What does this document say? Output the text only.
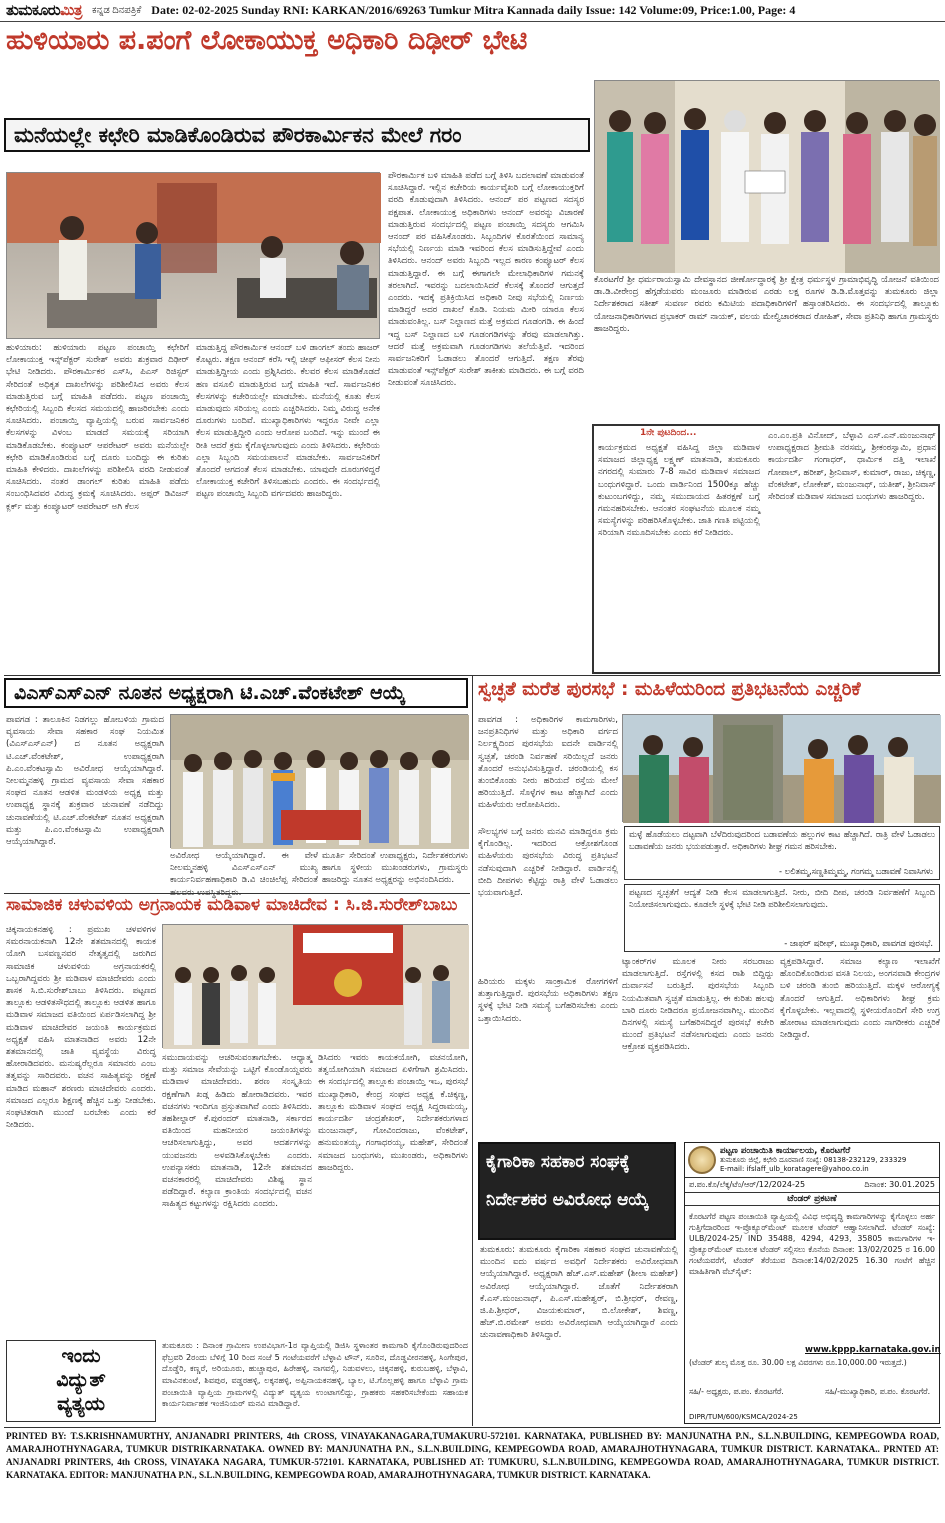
ತುಮಕೂರುಮಿತ್ರ ಕನ್ನಡ ದಿನಪತ್ರಿಕೆ Date: 02-02-2025 Sunday RNI: KARKAN/2016/69263 Tumkur Mitra Kannada daily Issue: 142 Volume:09, Price:1.00, Page: 4
ಹುಳಿಯಾರು ಪ.ಪಂಗೆ ಲೋಕಾಯುಕ್ತ ಅಧಿಕಾರಿ ದಿಢೀರ್ ಭೇಟಿ
ಮನೆಯಲ್ಲೇ ಕಛೇರಿ ಮಾಡಿಕೊಂಡಿರುವ ಪೌರಕಾರ್ಮಿಕನ ಮೇಲೆ ಗರಂ
ಹುಳಿಯಾರು: ಹುಳಿಯಾರು ಪಟ್ಟಣ ಪಂಚಾಯ್ತಿ ಕಛೇರಿಗೆ ಲೋಕಾಯುಕ್ತ ಇನ್ಸ್‌ಪೆಕ್ಟರ್ ಸುರೇಶ್ ಅವರು ಶುಕ್ರವಾರ ದಿಢೀರ್ ಭೇಟಿ ನೀಡಿದರು. ಪೌರಕಾರ್ಮಿಕರ ಎಸ್‌ಸಿ, ಪಿಎಸ್ ರಿಜಿಸ್ಟರ್ ಸೇರಿದಂತೆ ಅಧಿಕೃತ ದಾಖಲೆಗಳನ್ನು ಪರಿಶೀಲಿಸಿದ ಅವರು ಕೆಲಸ ಮಾಡುತ್ತಿರುವ ಬಗ್ಗೆ ಮಾಹಿತಿ ಪಡೆದರು. ಪಟ್ಟಣ ಪಂಚಾಯ್ತಿ ಕಛೇರಿಯಲ್ಲಿ ಸಿಬ್ಬಂದಿ ಕೆಲಸದ ಸಮಯದಲ್ಲಿ ಹಾಜರಿರಬೇಕು ಎಂದು ಸೂಚಿಸಿದರು. ಪಂಚಾಯ್ತಿ ವ್ಯಾಪ್ತಿಯಲ್ಲಿ ಬರುವ ಸಾರ್ವಜನಿಕರ ಕೆಲಸಗಳನ್ನು ವಿಳಂಬ ಮಾಡದೆ ಸಮಯಕ್ಕೆ ಸರಿಯಾಗಿ ಮಾಡಿಕೊಡಬೇಕು. ಕಂಪ್ಯೂಟರ್ ಆಪರೇಟರ್ ಅವರು ಮನೆಯಲ್ಲೇ ಕಛೇರಿ ಮಾಡಿಕೊಂಡಿರುವ ಬಗ್ಗೆ ದೂರು ಬಂದಿದ್ದು ಈ ಕುರಿತು ಮಾಹಿತಿ ಕೇಳಿದರು. ದಾಖಲೆಗಳನ್ನು ಪರಿಶೀಲಿಸಿ ವರದಿ ನೀಡುವಂತೆ ಸೂಚಿಸಿದರು. ನಂತರ ಡಾಂಗಲ್ ಕುರಿತು ಮಾಹಿತಿ ಪಡೆದು ಸಂಬಂಧಿಸಿದವರ ವಿರುದ್ಧ ಕ್ರಮಕ್ಕೆ ಸೂಚಿಸಿದರು. ಅಪ್ಪರ್ ಡಿವಿಜನ್ ಕ್ಲರ್ಕ್ ಮತ್ತು ಕಂಪ್ಯೂಟರ್ ಆಪರೇಟರ್ ಅಗಿ ಕೆಲಸ
ಮಾಡುತ್ತಿದ್ದ ಪೌರಕಾರ್ಮಿಕ ಆನಂದ್ ಬಳಿ ಡಾಂಗಲ್ ತಂದು ಹಾಜರ್ ಕೊಟ್ಟರು. ತಕ್ಷಣ ಆನಂದ್ ಕರೆಸಿ ಇಲ್ಲಿ ಚೀಫ್ ಆಫೀಸರ್ ಕೆಲಸ ನೀನು ಮಾಡುತ್ತಿದ್ದೀಯ ಎಂದು ಪ್ರಶ್ನಿಸಿದರು. ಕೆಲವರ ಕೆಲಸ ಮಾಡಿಕೊಡದೆ ಹಣ ವಸೂಲಿ ಮಾಡುತ್ತಿರುವ ಬಗ್ಗೆ ಮಾಹಿತಿ ಇದೆ. ಸಾರ್ವಜನಿಕರ ಕೆಲಸಗಳನ್ನು ಕಚೇರಿಯಲ್ಲೇ ಮಾಡಬೇಕು. ಮನೆಯಲ್ಲಿ ಕೂತು ಕೆಲಸ ಮಾಡುವುದು ಸರಿಯಲ್ಲ ಎಂದು ಎಚ್ಚರಿಸಿದರು. ನಿಮ್ಮ ವಿರುದ್ಧ ಅನೇಕ ದೂರುಗಳು ಬಂದಿವೆ. ಮುಖ್ಯಾಧಿಕಾರಿಗಳು ಇದ್ದರೂ ನೀವೇ ಎಲ್ಲಾ ಕೆಲಸ ಮಾಡುತ್ತಿದ್ದೀರಿ ಎಂದು ಆರೋಪ ಬಂದಿದೆ. ಇನ್ನು ಮುಂದೆ ಈ ರೀತಿ ಆದರೆ ಕ್ರಮ ಕೈಗೊಳ್ಳಲಾಗುವುದು ಎಂದು ತಿಳಿಸಿದರು. ಕಛೇರಿಯ ಎಲ್ಲಾ ಸಿಬ್ಬಂದಿ ಸಮಯಪಾಲನೆ ಮಾಡಬೇಕು. ಸಾರ್ವಜನಿಕರಿಗೆ ತೊಂದರೆ ಆಗದಂತೆ ಕೆಲಸ ಮಾಡಬೇಕು. ಯಾವುದೇ ದೂರುಗಳಿದ್ದರೆ ಲೋಕಾಯುಕ್ತ ಕಚೇರಿಗೆ ತಿಳಿಸಬಹುದು ಎಂದರು. ಈ ಸಂದರ್ಭದಲ್ಲಿ ಪಟ್ಟಣ ಪಂಚಾಯ್ತಿ ಸಿಬ್ಬಂದಿ ವರ್ಗದವರು ಹಾಜರಿದ್ದರು.
ಪೌರಕಾರ್ಮಿಕ ಬಳಿ ಮಾಹಿತಿ ಪಡೆದ ಬಗ್ಗೆ ತಿಳಿಸಿ ಬದಲಾವಣೆ ಮಾಡುವಂತೆ ಸೂಚಿಸಿದ್ದಾರೆ. ಇಲ್ಲಿನ ಕಚೇರಿಯ ಕಾರ್ಯವೈಖರಿ ಬಗ್ಗೆ ಲೋಕಾಯುಕ್ತರಿಗೆ ವರದಿ ಕೊಡುವುದಾಗಿ ತಿಳಿಸಿದರು. ಆನಂದ್ ಪರ ಪಟ್ಟಣದ ಸದಸ್ಯರ ಪಕ್ಷಪಾತ. ಲೋಕಾಯುಕ್ತ ಅಧಿಕಾರಿಗಳು ಆನಂದ್ ಅವರನ್ನು ವಿಚಾರಣೆ ಮಾಡುತ್ತಿರುವ ಸಂದರ್ಭದಲ್ಲಿ ಪಟ್ಟಣ ಪಂಚಾಯ್ತಿ ಸದಸ್ಯರು ಆಗಮಿಸಿ ಆನಂದ್ ಪರ ವಹಿಸಿಕೊಂಡರು. ಸಿಬ್ಬಂದಿಗಳ ಕೊರತೆಯಿಂದ ಸಾಮಾನ್ಯ ಸಭೆಯಲ್ಲಿ ನಿರ್ಣಯ ಮಾಡಿ ಇವರಿಂದ ಕೆಲಸ ಮಾಡಿಸುತ್ತಿದ್ದೇವೆ ಎಂದು ತಿಳಿಸಿದರು. ಆನಂದ್ ಅವರು ಸಿಬ್ಬಂದಿ ಇಲ್ಲದ ಕಾರಣ ಕಂಪ್ಯೂಟರ್ ಕೆಲಸ ಮಾಡುತ್ತಿದ್ದಾರೆ. ಈ ಬಗ್ಗೆ ಈಗಾಗಲೇ ಮೇಲಾಧಿಕಾರಿಗಳ ಗಮನಕ್ಕೆ ತರಲಾಗಿದೆ. ಇವರನ್ನು ಬದಲಾಯಿಸಿದರೆ ಕೆಲಸಕ್ಕೆ ತೊಂದರೆ ಆಗುತ್ತದೆ ಎಂದರು. ಇದಕ್ಕೆ ಪ್ರತಿಕ್ರಿಯಿಸಿದ ಅಧಿಕಾರಿ ನೀವು ಸಭೆಯಲ್ಲಿ ನಿರ್ಣಯ ಮಾಡಿದ್ದರೆ ಅದರ ದಾಖಲೆ ಕೊಡಿ. ನಿಯಮ ಮೀರಿ ಯಾರೂ ಕೆಲಸ ಮಾಡುವಂತಿಲ್ಲ. ಬಸ್ ನಿಲ್ದಾಣದ ಮತ್ತೆ ಅಕ್ರಮದ ಗೂಡಂಗಡಿ. ಈ ಹಿಂದೆ ಇದ್ದ ಬಸ್ ನಿಲ್ದಾಣದ ಬಳಿ ಗೂಡಂಗಡಿಗಳನ್ನು ತೆರವು ಮಾಡಲಾಗಿತ್ತು. ಆದರೆ ಮತ್ತೆ ಅಕ್ರಮವಾಗಿ ಗೂಡಂಗಡಿಗಳು ತಲೆಯೆತ್ತಿವೆ. ಇದರಿಂದ ಸಾರ್ವಜನಿಕರಿಗೆ ಓಡಾಡಲು ತೊಂದರೆ ಆಗುತ್ತಿದೆ. ತಕ್ಷಣ ತೆರವು ಮಾಡುವಂತೆ ಇನ್ಸ್‌ಪೆಕ್ಟರ್ ಸುರೇಶ್ ತಾಕೀತು ಮಾಡಿದರು. ಈ ಬಗ್ಗೆ ವರದಿ ನೀಡುವಂತೆ ಸೂಚಿಸಿದರು.
ಕೊರಟಗೆರೆ ಶ್ರೀ ಧರ್ಮರಾಯಸ್ವಾಮಿ ದೇವಸ್ಥಾನದ ಜೀರ್ಣೋದ್ಧಾರಕ್ಕೆ ಶ್ರೀ ಕ್ಷೇತ್ರ ಧರ್ಮಸ್ಥಳ ಗ್ರಾಮಾಭಿವೃದ್ಧಿ ಯೋಜನೆ ವತಿಯಿಂದ ಡಾ.ಡಿ.ವೀರೇಂದ್ರ ಹೆಗ್ಗಡೆಯವರು ಮಂಜೂರು ಮಾಡಿರುವ ಎರಡು ಲಕ್ಷ ರೂಗಳ ಡಿ.ಡಿ.ಮೊತ್ತವನ್ನು ತುಮಕೂರು ಜಿಲ್ಲಾ ನಿರ್ದೇಶಕರಾದ ಸತೀಶ್ ಸುವರ್ಣ ರವರು ಕಮಿಟಿಯ ಪದಾಧಿಕಾರಿಗಳಿಗೆ ಹಸ್ತಾಂತರಿಸಿದರು. ಈ ಸಂದರ್ಭದಲ್ಲಿ ತಾಲ್ಲೂಕು ಯೋಜನಾಧಿಕಾರಿಗಳಾದ ಪ್ರಭಾಕರ್ ರಾಮ್ ನಾಯಕ್, ವಲಯ ಮೇಲ್ವಿಚಾರಕರಾದ ರೋಹಿತ್, ಸೇವಾ ಪ್ರತಿನಿಧಿ ಹಾಗೂ ಗ್ರಾಮಸ್ಥರು ಹಾಜರಿದ್ದರು.
1ನೇ ಪುಟದಿಂದ...
ಕಾರ್ಯಕ್ರಮದ ಅಧ್ಯಕ್ಷತೆ ವಹಿಸಿದ್ದ ಜಿಲ್ಲಾ ಮಡಿವಾಳ ಸಮಾಜದ ಜಿಲ್ಲಾಧ್ಯಕ್ಷ ಲಕ್ಷ್ಮಣ್ ಮಾತನಾಡಿ, ತುಮಕೂರು ನಗರದಲ್ಲಿ ಸುಮಾರು 7-8 ಸಾವಿರ ಮಡಿವಾಳ ಸಮಾಜದ ಬಂಧುಗಳಿದ್ದಾರೆ. ಒಂದು ವಾರ್ಡಿನಿಂದ 1500ಕ್ಕೂ ಹೆಚ್ಚು ಕುಟುಂಬಗಳಿದ್ದು, ನಮ್ಮ ಸಮುದಾಯದ ಹಿತರಕ್ಷಣೆ ಬಗ್ಗೆ ಗಮನಹರಿಸಬೇಕು. ಆನಂತರ ಸಂಘಟನೆಯ ಮೂಲಕ ನಮ್ಮ ಸಮಸ್ಯೆಗಳನ್ನು ಪರಿಹರಿಸಿಕೊಳ್ಳಬೇಕು. ಜಾತಿ ಗಣತಿ ಪಟ್ಟಿಯಲ್ಲಿ ಸರಿಯಾಗಿ ನಮೂದಿಸಬೇಕು ಎಂದು ಕರೆ ನೀಡಿದರು.
ಎಂ.ಎಂ.ಪ್ರತಿ ವಿನೋದ್, ಬೆಳ್ಳಾವಿ ಎಸ್.ಎನ್.ಮಂಜುನಾಥ್ ಉಪಾಧ್ಯಕ್ಷರಾದ ಶ್ರೀಮತಿ ನರಸಮ್ಮ, ಶ್ರೀಕಂಠಸ್ವಾಮಿ, ಪ್ರಧಾನ ಕಾರ್ಯದರ್ಶಿ ಗಂಗಾಧರ್, ಧಾರ್ಮಿಕ ದತ್ತಿ ಇಲಾಖೆ ಗೋಪಾಲ್, ಹರೀಶ್, ಶ್ರೀನಿವಾಸ್, ಕುಮಾರ್, ರಾಜು, ಚಿಕ್ಕಣ್ಣ, ವೆಂಕಟೇಶ್, ಲೋಕೇಶ್, ಮಂಜುನಾಥ್, ಯತೀಶ್, ಶ್ರೀನಿವಾಸ್ ಸೇರಿದಂತೆ ಮಡಿವಾಳ ಸಮಾಜದ ಬಂಧುಗಳು ಹಾಜರಿದ್ದರು.
ವಿಎಸ್‌ಎಸ್‌ಎನ್ ನೂತನ ಅಧ್ಯಕ್ಷರಾಗಿ ಟಿ.ಎಚ್.ವೆಂಕಟೇಶ್ ಆಯ್ಕೆ	ಸ್ವಚ್ಛತೆ ಮರೆತ ಪುರಸಭೆ : ಮಹಿಳೆಯರಿಂದ ಪ್ರತಿಭಟನೆಯ ಎಚ್ಚರಿಕೆ
ಪಾವಗಡ : ತಾಲೂಕಿನ ನಿಡಗಲ್ಲು ಹೋಬಳಿಯ ಗ್ರಾಮದ ವ್ಯವಸಾಯ ಸೇವಾ ಸಹಕಾರ ಸಂಘ ನಿಯಮಿತ (ವಿಎಸ್‌ಎಸ್‌ಎನ್) ದ ನೂತನ ಅಧ್ಯಕ್ಷರಾಗಿ ಟಿ.ಎಚ್.ವೆಂಕಟೇಶ್, ಉಪಾಧ್ಯಕ್ಷರಾಗಿ ಪಿ.ಎಂ.ವೆಂಕಟಸ್ವಾಮಿ ಅವಿರೋಧ ಆಯ್ಕೆಯಾಗಿದ್ದಾರೆ. ನೀಲಮ್ಮನಹಳ್ಳಿ ಗ್ರಾಮದ ವ್ಯವಸಾಯ ಸೇವಾ ಸಹಕಾರ ಸಂಘದ ನೂತನ ಆಡಳಿತ ಮಂಡಳಿಯ ಅಧ್ಯಕ್ಷ ಮತ್ತು ಉಪಾಧ್ಯಕ್ಷ ಸ್ಥಾನಕ್ಕೆ ಶುಕ್ರವಾರ ಚುನಾವಣೆ ನಡೆದಿದ್ದು ಚುನಾವಣೆಯಲ್ಲಿ ಟಿ.ಎಚ್.ವೆಂಕಟೇಶ್ ನೂತನ ಅಧ್ಯಕ್ಷರಾಗಿ ಮತ್ತು ಪಿ.ಎಂ.ವೆಂಕಟಸ್ವಾಮಿ ಉಪಾಧ್ಯಕ್ಷರಾಗಿ ಆಯ್ಕೆಯಾಗಿದ್ದಾರೆ.
ಅವಿರೋಧ ಆಯ್ಕೆಯಾಗಿದ್ದಾರೆ. ಈ ವೇಳೆ ನೀಲಮ್ಮನಹಳ್ಳಿ ವಿಎಸ್‌ಎಸ್‌ಎನ್ ಮುಖ್ಯ ಕಾರ್ಯನಿರ್ವಹಣಾಧಿಕಾರಿ ಡಿ.ವಿ ಚಿಂಚಿಲೆಪ್ಪ ಸೇರಿದಂತೆ
ಮೂರ್ತಿ ಸೇರಿದಂತೆ ಉಪಾಧ್ಯಕ್ಷರು, ನಿರ್ದೇಶಕರುಗಳು ಹಾಗೂ ಸ್ಥಳೀಯ ಮುಖಂಡರುಗಳು, ಗ್ರಾಮಸ್ಥರು ಹಾಜರಿದ್ದು ನೂತನ ಅಧ್ಯಕ್ಷರನ್ನು ಅಭಿನಂದಿಸಿದರು.
ಸಾಮಾಜಿಕ ಚಳುವಳಿಯ ಅಗ್ರನಾಯಕ ಮಡಿವಾಳ ಮಾಚಿದೇವ : ಸಿ.ಜಿ.ಸುರೇಶ್‌ಬಾಬು
ಚಿಕ್ಕನಾಯಕನಹಳ್ಳಿ : ಪ್ರಮುಖ ಚಳವಳಿಗಳ ಸಮರನಾಯಕನಾಗಿ 12ನೇ ಶತಮಾನದಲ್ಲಿ ಕಾಯಕ ಯೋಗಿ ಬಸವಣ್ಣನವರ ನೇತೃತ್ವದಲ್ಲಿ ಜರುಗಿದ ಸಾಮಾಜಿಕ ಚಳುವಳಿಯ ಅಗ್ರನಾಯಕರಲ್ಲಿ ಒಬ್ಬರಾಗಿದ್ದವರು ಶ್ರೀ ಮಡಿವಾಳ ಮಾಚಿದೇವರು ಎಂದು ಶಾಸಕ ಸಿ.ಬಿ.ಸುರೇಶ್‌ಬಾಬು ತಿಳಿಸಿದರು. ಪಟ್ಟಣದ ತಾಲ್ಲೂಕು ಆಡಳಿತಸೌಧದಲ್ಲಿ ತಾಲ್ಲೂಕು ಆಡಳಿತ ಹಾಗೂ ಮಡಿವಾಳ ಸಮಾಜದ ವತಿಯಿಂದ ಏರ್ಪಡಿಸಲಾಗಿದ್ದ ಶ್ರೀ ಮಡಿವಾಳ ಮಾಚಿದೇವರ ಜಯಂತಿ ಕಾರ್ಯಕ್ರಮದ ಅಧ್ಯಕ್ಷತೆ ವಹಿಸಿ ಮಾತನಾಡಿದ ಅವರು 12ನೇ ಶತಮಾನದಲ್ಲಿ ಜಾತಿ ವ್ಯವಸ್ಥೆಯ ವಿರುದ್ಧ ಹೋರಾಡಿದವರು. ಮನುಷ್ಯರೆಲ್ಲರೂ ಸಮಾನರು ಎಂಬ ತತ್ವವನ್ನು ಸಾರಿದವರು. ವಚನ ಸಾಹಿತ್ಯವನ್ನು ರಕ್ಷಣೆ ಮಾಡಿದ ಮಹಾನ್ ಶರಣರು ಮಾಚಿದೇವರು ಎಂದರು. ಸಮಾಜದ ಎಲ್ಲರೂ ಶಿಕ್ಷಣಕ್ಕೆ ಹೆಚ್ಚಿನ ಒತ್ತು ನೀಡಬೇಕು. ಸಂಘಟಿತರಾಗಿ ಮುಂದೆ ಬರಬೇಕು ಎಂದು ಕರೆ ನೀಡಿದರು.
ಸಮುದಾಯವನ್ನು ಆಚರಿಸುವಂತಾಗಬೇಕು. ಆಧ್ಯಾತ್ಮ ಮತ್ತು ಸಮಾಜ ಸೇವೆಯನ್ನು ಒಟ್ಟಿಗೆ ಕೊಂಡೊಯ್ದವರು ಮಡಿವಾಳ ಮಾಚಿದೇವರು. ಶರಣ ಸಂಸ್ಕೃತಿಯ ರಕ್ಷಣೆಗಾಗಿ ಖಡ್ಗ ಹಿಡಿದು ಹೋರಾಡಿದವರು. ಇವರ ವಚನಗಳು ಇಂದಿಗೂ ಪ್ರಸ್ತುತವಾಗಿವೆ ಎಂದು ತಿಳಿಸಿದರು. ತಹಶೀಲ್ದಾರ್ ಕೆ.ಪುರಂದರ್ ಮಾತನಾಡಿ, ಸರ್ಕಾರದ ವತಿಯಿಂದ ಮಹನೀಯರ ಜಯಂತಿಗಳನ್ನು ಆಚರಿಸಲಾಗುತ್ತಿದ್ದು, ಅವರ ಆದರ್ಶಗಳನ್ನು ಯುವಜನರು ಅಳವಡಿಸಿಕೊಳ್ಳಬೇಕು ಎಂದರು. ಉಪನ್ಯಾಸಕರು ಮಾತನಾಡಿ, 12ನೇ ಶತಮಾನದ ವಚನಕಾರರಲ್ಲಿ ಮಾಚಿದೇವರು ವಿಶಿಷ್ಟ ಸ್ಥಾನ ಪಡೆದಿದ್ದಾರೆ. ಕಲ್ಯಾಣ ಕ್ರಾಂತಿಯ ಸಂದರ್ಭದಲ್ಲಿ ವಚನ ಸಾಹಿತ್ಯದ ಕಟ್ಟುಗಳನ್ನು ರಕ್ಷಿಸಿದರು ಎಂದರು.
ಡಿಸಿದರು ಇವರು ಕಾಯಕಯೋಗಿ, ವಚನಯೋಗಿ, ತತ್ವಯೋಗಿಯಾಗಿ ಸಮಾಜದ ಏಳಿಗೆಗಾಗಿ ಶ್ರಮಿಸಿದರು. ಈ ಸಂದರ್ಭದಲ್ಲಿ ತಾಲ್ಲೂಕು ಪಂಚಾಯ್ತಿ ಇಒ, ಪುರಸಭೆ ಮುಖ್ಯಾಧಿಕಾರಿ, ಕೇಂದ್ರ ಸಂಘದ ಅಧ್ಯಕ್ಷ ಕೆ.ಚಿಕ್ಕಣ್ಣ, ತಾಲ್ಲೂಕು ಮಡಿವಾಳ ಸಂಘದ ಅಧ್ಯಕ್ಷ ಸಿದ್ದರಾಮಯ್ಯ, ಕಾರ್ಯದರ್ಶಿ ಚಂದ್ರಶೇಖರ್, ನಿರ್ದೇಶಕರುಗಳಾದ ಮಂಜುನಾಥ್, ಗೋವಿಂದರಾಜು, ವೆಂಕಟೇಶ್, ಹನುಮಂತಯ್ಯ, ಗಂಗಾಧರಯ್ಯ, ಮಹೇಶ್, ಸೇರಿದಂತೆ ಸಮಾಜದ ಬಂಧುಗಳು, ಮುಖಂಡರು, ಅಧಿಕಾರಿಗಳು ಹಾಜರಿದ್ದರು.
ಪಾವಗಡ : ಅಧಿಕಾರಿಗಳ ಕಾಮಗಾರಿಗಳು, ಜನಪ್ರತಿನಿಧಿಗಳ ಮತ್ತು ಅಧಿಕಾರಿ ವರ್ಗದ ನಿರ್ಲಕ್ಷ್ಯದಿಂದ ಪುರಸಭೆಯ ಐದನೇ ವಾರ್ಡಿನಲ್ಲಿ ಸ್ವಚ್ಛತೆ, ಚರಂಡಿ ನಿರ್ವಹಣೆ ಸರಿಯಿಲ್ಲದೆ ಜನರು ತೊಂದರೆ ಅನುಭವಿಸುತ್ತಿದ್ದಾರೆ. ಚರಂಡಿಯಲ್ಲಿ ಕಸ ತುಂಬಿಕೊಂಡು ನೀರು ಹರಿಯದೆ ರಸ್ತೆಯ ಮೇಲೆ ಹರಿಯುತ್ತಿದೆ. ಸೊಳ್ಳೆಗಳ ಕಾಟ ಹೆಚ್ಚಾಗಿದೆ ಎಂದು ಮಹಿಳೆಯರು ಆರೋಪಿಸಿದರು.
ಮಳ್ಳೆ ಹೊಡೆಯಲು ದಟ್ಟವಾಗಿ ಬೆಳೆದಿರುವುದರಿಂದ ಬಡಾವಣೆಯ ಹಲ್ಲುಗಳ ಕಾಟ ಹೆಚ್ಚಾಗಿದೆ. ರಾತ್ರಿ ವೇಳೆ ಓಡಾಡಲು ಬಡಾವಣೆಯ ಜನರು ಭಯಪಡುತ್ತಾರೆ. ಅಧಿಕಾರಿಗಳು ಶೀಘ್ರ ಗಮನ ಹರಿಸಬೇಕು.
- ಲಲಿತಮ್ಮ,ಸಣ್ಣತಿಮ್ಮಮ್ಮ, ಗಂಗಮ್ಮ ಬಡಾವಣೆ ನಿವಾಸಿಗಳು
ಸೌಲಭ್ಯಗಳ ಬಗ್ಗೆ ಜನರು ಮನವಿ ಮಾಡಿದ್ದರೂ ಕ್ರಮ ಕೈಗೊಂಡಿಲ್ಲ. ಇದರಿಂದ ಆಕ್ರೋಶಗೊಂಡ ಮಹಿಳೆಯರು ಪುರಸಭೆಯ ವಿರುದ್ಧ ಪ್ರತಿಭಟನೆ ನಡೆಸುವುದಾಗಿ ಎಚ್ಚರಿಕೆ ನೀಡಿದ್ದಾರೆ. ವಾರ್ಡಿನಲ್ಲಿ ಬೀದಿ ದೀಪಗಳು ಕೆಟ್ಟಿದ್ದು ರಾತ್ರಿ ವೇಳೆ ಓಡಾಡಲು ಭಯವಾಗುತ್ತಿದೆ.	ಪಟ್ಟಣದ ಸ್ವಚ್ಛತೆಗೆ ಆದ್ಯತೆ ನೀಡಿ ಕೆಲಸ ಮಾಡಲಾಗುತ್ತಿದೆ. ನೀರು, ಬೀದಿ ದೀಪ, ಚರಂಡಿ ನಿರ್ವಹಣೆಗೆ ಸಿಬ್ಬಂದಿ ನಿಯೋಜಿಸಲಾಗುವುದು. ಕೂಡಲೇ ಸ್ಥಳಕ್ಕೆ ಭೇಟಿ ನೀಡಿ ಪರಿಶೀಲಿಸಲಾಗುವುದು.
- ಜಾಫರ್ ಷರೀಫ್, ಮುಖ್ಯಾಧಿಕಾರಿ, ಪಾವಗಡ ಪುರಸಭೆ.
ಹಿರಿಯರು ಮಕ್ಕಳು ಸಾಂಕ್ರಾಮಿಕ ರೋಗಗಳಿಗೆ ತುತ್ತಾಗುತ್ತಿದ್ದಾರೆ. ಪುರಸಭೆಯ ಅಧಿಕಾರಿಗಳು ತಕ್ಷಣ ಸ್ಥಳಕ್ಕೆ ಭೇಟಿ ನೀಡಿ ಸಮಸ್ಯೆ ಬಗೆಹರಿಸಬೇಕು ಎಂದು ಒತ್ತಾಯಿಸಿದರು.
ಟ್ಯಾಂಕರ್‌ಗಳ ಮೂಲಕ ನೀರು ಸರಬರಾಜು ಮಾಡಲಾಗುತ್ತಿದೆ. ರಸ್ತೆಗಳಲ್ಲಿ ಕಸದ ರಾಶಿ ಬಿದ್ದಿದ್ದು ದುರ್ವಾಸನೆ ಬರುತ್ತಿದೆ. ಪುರಸಭೆಯ ಸಿಬ್ಬಂದಿ ನಿಯಮಿತವಾಗಿ ಸ್ವಚ್ಛತೆ ಮಾಡುತ್ತಿಲ್ಲ. ಈ ಕುರಿತು ಹಲವು ಬಾರಿ ದೂರು ನೀಡಿದರೂ ಪ್ರಯೋಜನವಾಗಿಲ್ಲ. ಮುಂದಿನ ದಿನಗಳಲ್ಲಿ ಸಮಸ್ಯೆ ಬಗೆಹರಿಸದಿದ್ದರೆ ಪುರಸಭೆ ಕಚೇರಿ ಮುಂದೆ ಪ್ರತಿಭಟನೆ ನಡೆಸಲಾಗುವುದು ಎಂದು ಜನರು ಆಕ್ರೋಶ ವ್ಯಕ್ತಪಡಿಸಿದರು.
ವ್ಯಕ್ತಪಡಿಸಿದ್ದಾರೆ. ಸಮಾಜ ಕಲ್ಯಾಣ ಇಲಾಖೆಗೆ ಹೊಂದಿಕೊಂಡಿರುವ ವಸತಿ ನಿಲಯ, ಅಂಗನವಾಡಿ ಕೇಂದ್ರಗಳ ಬಳಿ ಚರಂಡಿ ತುಂಬಿ ಹರಿಯುತ್ತಿದೆ. ಮಕ್ಕಳ ಆರೋಗ್ಯಕ್ಕೆ ತೊಂದರೆ ಆಗುತ್ತಿದೆ. ಅಧಿಕಾರಿಗಳು ಶೀಘ್ರ ಕ್ರಮ ಕೈಗೊಳ್ಳಬೇಕು. ಇಲ್ಲವಾದಲ್ಲಿ ಸ್ಥಳೀಯರೊಂದಿಗೆ ಸೇರಿ ಉಗ್ರ ಹೋರಾಟ ಮಾಡಲಾಗುವುದು ಎಂದು ನಾಗರೀಕರು ಎಚ್ಚರಿಕೆ ನೀಡಿದ್ದಾರೆ.
ಕೈಗಾರಿಕಾ ಸಹಕಾರ ಸಂಘಕ್ಕೆ
ನಿರ್ದೇಶಕರ ಅವಿರೋಧ ಆಯ್ಕೆ
ತುಮಕೂರು: ತುಮಕೂರು ಕೈಗಾರಿಕಾ ಸಹಕಾರ ಸಂಘದ ಚುನಾವಣೆಯಲ್ಲಿ ಮುಂದಿನ ಐದು ವರ್ಷದ ಅವಧಿಗೆ ನಿರ್ದೇಶಕರು ಅವಿರೋಧವಾಗಿ ಆಯ್ಕೆಯಾಗಿದ್ದಾರೆ. ಅಧ್ಯಕ್ಷರಾಗಿ ಹೆಚ್.ಎಸ್.ಮಹೇಶ್ (ಶೀಲಾ ಮಹೇಶ್) ಅವಿರೋಧ ಆಯ್ಕೆಯಾಗಿದ್ದಾರೆ. ಜೊತೆಗೆ ನಿರ್ದೇಶಕರಾಗಿ ಕೆ.ಎಸ್.ಮಂಜುನಾಥ್, ಪಿ.ಎಸ್.ಮಹೇಶ್ವರ್, ಬಿ.ಶ್ರೀಧರ್, ರೇವಣ್ಣ, ಜಿ.ಪಿ.ಶ್ರೀಧರ್, ವಿಜಯಕುಮಾರ್, ಬಿ.ಲೋಕೇಶ್, ಶಿವಣ್ಣ, ಹೆಚ್.ಬಿ.ರಮೇಶ್ ಅವರು ಅವಿರೋಧವಾಗಿ ಆಯ್ಕೆಯಾಗಿದ್ದಾರೆ ಎಂದು ಚುನಾವಣಾಧಿಕಾರಿ ತಿಳಿಸಿದ್ದಾರೆ.
ಪಟ್ಟಣ ಪಂಚಾಯಿತಿ ಕಾರ್ಯಾಲಯ, ಕೊರಟಗೆರೆ
ತುಮಕೂರು ಜಿಲ್ಲೆ, ಕಛೇರಿ ದೂರವಾಣಿ ಸಂಖ್ಯೆ: 08138-232129, 233329
E-mail: ifslaff_ulb_koratagere@yahoo.co.in
ಪ.ಪಂ.ಕೊ/ಲೆಕ್ಕ/ಟೆಂ/ಆರ್/12/2024-25	ದಿನಾಂಕ: 30.01.2025
ಟೆಂಡರ್ ಪ್ರಕಟಣೆ
ಕೊರಟಗೆರೆ ಪಟ್ಟಣ ಪಂಚಾಯಿತಿ ವ್ಯಾಪ್ತಿಯಲ್ಲಿ ವಿವಿಧ ಅಭಿವೃದ್ಧಿ ಕಾಮಗಾರಿಗಳನ್ನು ಕೈಗೊಳ್ಳಲು ಅರ್ಹ ಗುತ್ತಿಗೆದಾರರಿಂದ ಇ-ಪ್ರೊಕ್ಯೂರ್‌ಮೆಂಟ್ ಮೂಲಕ ಟೆಂಡರ್ ಆಹ್ವಾನಿಸಲಾಗಿದೆ. ಟೆಂಡರ್ ಸಂಖ್ಯೆ: ULB/2024-25/ IND 35488, 4294, 4293, 35805 ಕಾಮಗಾರಿಗಳ ಇ-ಪ್ರೊಕ್ಯೂರ್‌ಮೆಂಟ್ ಮೂಲಕ ಟೆಂಡರ್ ಸಲ್ಲಿಸಲು ಕೊನೆಯ ದಿನಾಂಕ: 13/02/2025 ರ 16.00 ಗಂಟೆಯವರೆಗೆ, ಟೆಂಡರ್ ತೆರೆಯುವ ದಿನಾಂಕ:14/02/2025 16.30 ಗಂಟೆಗೆ ಹೆಚ್ಚಿನ ಮಾಹಿತಿಗಾಗಿ ವೆಬ್‌ಸೈಟ್:
www.kppp.karnataka.gov.in
(ಟೆಂಡರ್ ಶುಲ್ಕ ಮೊತ್ತ ರೂ. 30.00 ಲಕ್ಷ ವಿವರಗಳು ರೂ.10,000.00 ಇರುತ್ತದೆ.)
ಸಹಿ/- ಅಧ್ಯಕ್ಷರು, ಪ.ಪಂ. ಕೊರಟಗೆರೆ.	ಸಹಿ/-ಮುಖ್ಯಾಧಿಕಾರಿ, ಪ.ಪಂ. ಕೊರಟಗೆರೆ.
DIPR/TUM/600/KSMCA/2024-25
ಇಂದು
ವಿದ್ಯುತ್
ವ್ಯತ್ಯಯ
ತುಮಕೂರು : ದಿನಾಂಕ ಗ್ರಾಮೀಣ ಉಪವಿಭಾಗ-1ರ ವ್ಯಾಪ್ತಿಯಲ್ಲಿ ಡಿಜಿಸಿ ಸ್ಥಳಾಂತರ ಕಾಮಗಾರಿ ಕೈಗೊಂಡಿರುವುದರಿಂದ ಫೆಬ್ರವರಿ 2ರಂದು ಬೆಳಿಗ್ಗೆ 10 ರಿಂದ ಸಂಜೆ 5 ಗಂಟೆಯವರೆಗೆ ಬೆಳ್ಳಾವಿ ಟೌನ್, ಸೂರಿನ, ದೊಡ್ಡವೀರನಹಳ್ಳಿ, ಸಿಂಗೇಪುರ, ದೊಡ್ಡೆರಿ, ಕಣ್ಣರೆ, ಅರಿಯೂರು, ಹುಚ್ಚಾಪುರ, ಹಿರೇಹಳ್ಳಿ, ನಾಗವಲ್ಲಿ, ನಿಡುವಳಲು, ಚಿಕ್ಕನಹಳ್ಳಿ, ಕುರುಬಹಳ್ಳಿ, ಬೆಳ್ಳಾವಿ, ಮಾವಿನಕುಂಟೆ, ಶಿವಪುರ, ವಡ್ಡರಹಳ್ಳಿ, ಲಕ್ಕನಹಳ್ಳಿ, ಅಪ್ಪಿನಾಯಕನಹಳ್ಳಿ, ಬ್ಯಾಲ, ಟಿ.ಗೊಲ್ಲಹಳ್ಳಿ ಹಾಗೂ ಬೆಳ್ಳಾವಿ ಗ್ರಾಮ ಪಂಚಾಯಿತಿ ವ್ಯಾಪ್ತಿಯ ಗ್ರಾಮಗಳಲ್ಲಿ ವಿದ್ಯುತ್ ವ್ಯತ್ಯಯ ಉಂಟಾಗಲಿದ್ದು, ಗ್ರಾಹಕರು ಸಹಕರಿಸಬೇಕೆಂದು ಸಹಾಯಕ ಕಾರ್ಯನಿರ್ವಾಹಕ ಇಂಜಿನಿಯರ್ ಮನವಿ ಮಾಡಿದ್ದಾರೆ.
PRINTED BY: T.S.KRISHNAMURTHY, ANJANADRI PRINTERS, 4th CROSS, VINAYAKANAGARA,TUMAKURU-572101. KARNATAKA, PUBLISHED BY: MANJUNATHA P.N., S.L.N.BUILDING, KEMPEGOWDA ROAD, AMARAJHOTHYNAGARA, TUMKUR DISTRIKARNATAKA. OWNED BY: MANJUNATHA P.N., S.L.N.BUILDING, KEMPEGOWDA ROAD, AMARAJHOTHYNAGARA, TUMKUR DISTRICT. KARNATAKA.. PRNTED AT: ANJANADRI PRINTERS, 4th CROSS, VINAYAKA NAGARA, TUMKUR-572101. KARNATAKA, PUBLISHED AT: TUMKURU, S.L.N.BUILDING, KEMPEGOWDA ROAD, AMARAJHOTHYNAGARA, TUMKUR DISTRICT. KARNATAKA. EDITOR: MANJUNATHA P.N., S.L.N.BUILDING, KEMPEGOWDA ROAD, AMARAJHOTHYNAGARA, TUMKUR DISTRICT. KARNATAKA.
